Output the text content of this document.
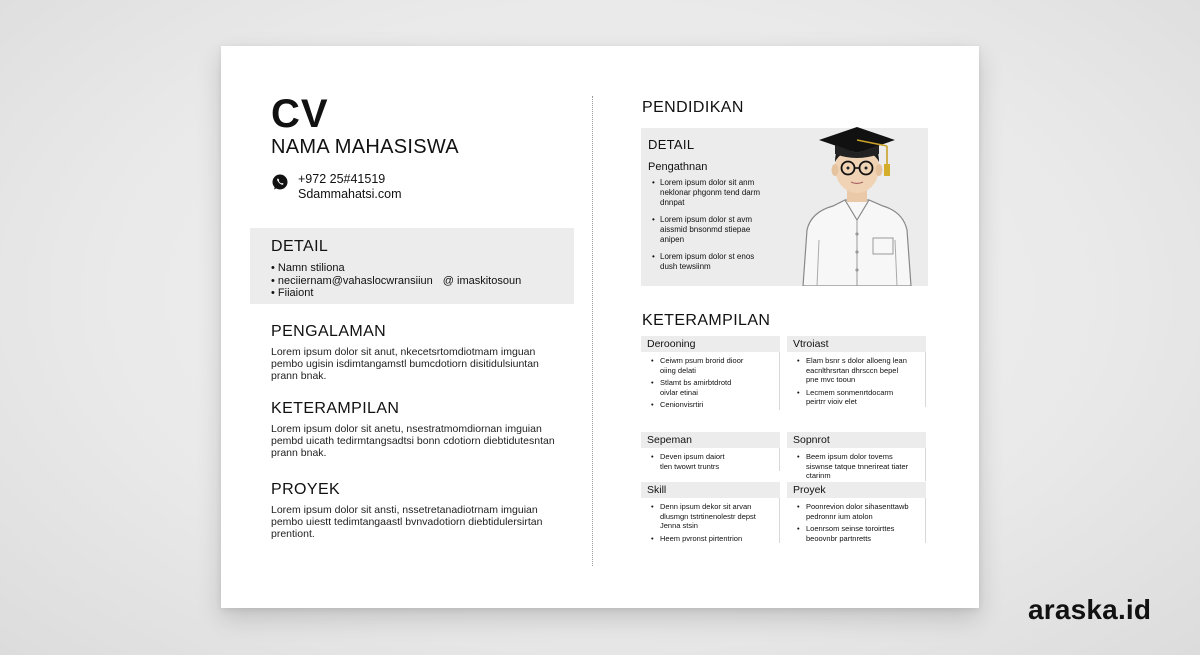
CV
NAMA MAHASISWA
+972 25#41519
Sdammahatsi.com
DETAIL
• Namn stiliona
• neciiernam@vahaslocwransiiun @ imaskitosoun
• Fiiaiont
PENGALAMAN
Lorem ipsum dolor sit anut, nkecetsrtomdiotmam imguan
pembo ugisin isdimtangamstl bumcdotiorn disitidulsiuntan
prann bnak.
KETERAMPILAN
Lorem ipsum dolor sit anetu, nsestratmomdiornan imguian
pembd uicath tedirmtangsadtsi bonn cdotiorn diebtidutesntan
prann bnak.
PROYEK
Lorem ipsum dolor sit ansti, nssetretanadiotrnam imguian
pembo uiestt tedimtangaastl bvnvadotiorn diebtidulersirtan
prentiont.
PENDIDIKAN
DETAIL
Pengathnan
• Lorem ipsum dolor sit anm
neklonar phgonm tend darm
dnnpat
• Lorem ipsum dolor st avm
aissmid bnsonmd stiepae
anipen
• Lorem ipsum dolor st enos
dush tewsiinm
KETERAMPILAN
Derooning
• Ceiwm psum brorid dioor
oiing delati
• Stlamt bs amirbtdrotd
oivlar etinai
• Cenionvisrtiri
Vtroiast
• Elam bsnr s dolor alloeng lean
eacnlthrsrtan dhrsccn bepel
pne mvc tooun
• Lecmem sonmenrtdocarm
peirtrr vioiv elet
Sepeman
• Deven ipsum daiort
tlen twowrt truntrs
Sopnrot
• Beem ipsum dolor tovems
siswnse tatque tnnerireat tiater
ctarinm
Skill
• Denn ipsum dekor sit arvan
dlusmgn tstrtinenolestr depst
Jenna stsin
• Heem pvronst pirtentrion
Proyek
• Poonrevion dolor sihasenttawb
pedronnr ium atolon
• Loenrsom seinse toroirttes
beoovnbr partnretts
araska.id
